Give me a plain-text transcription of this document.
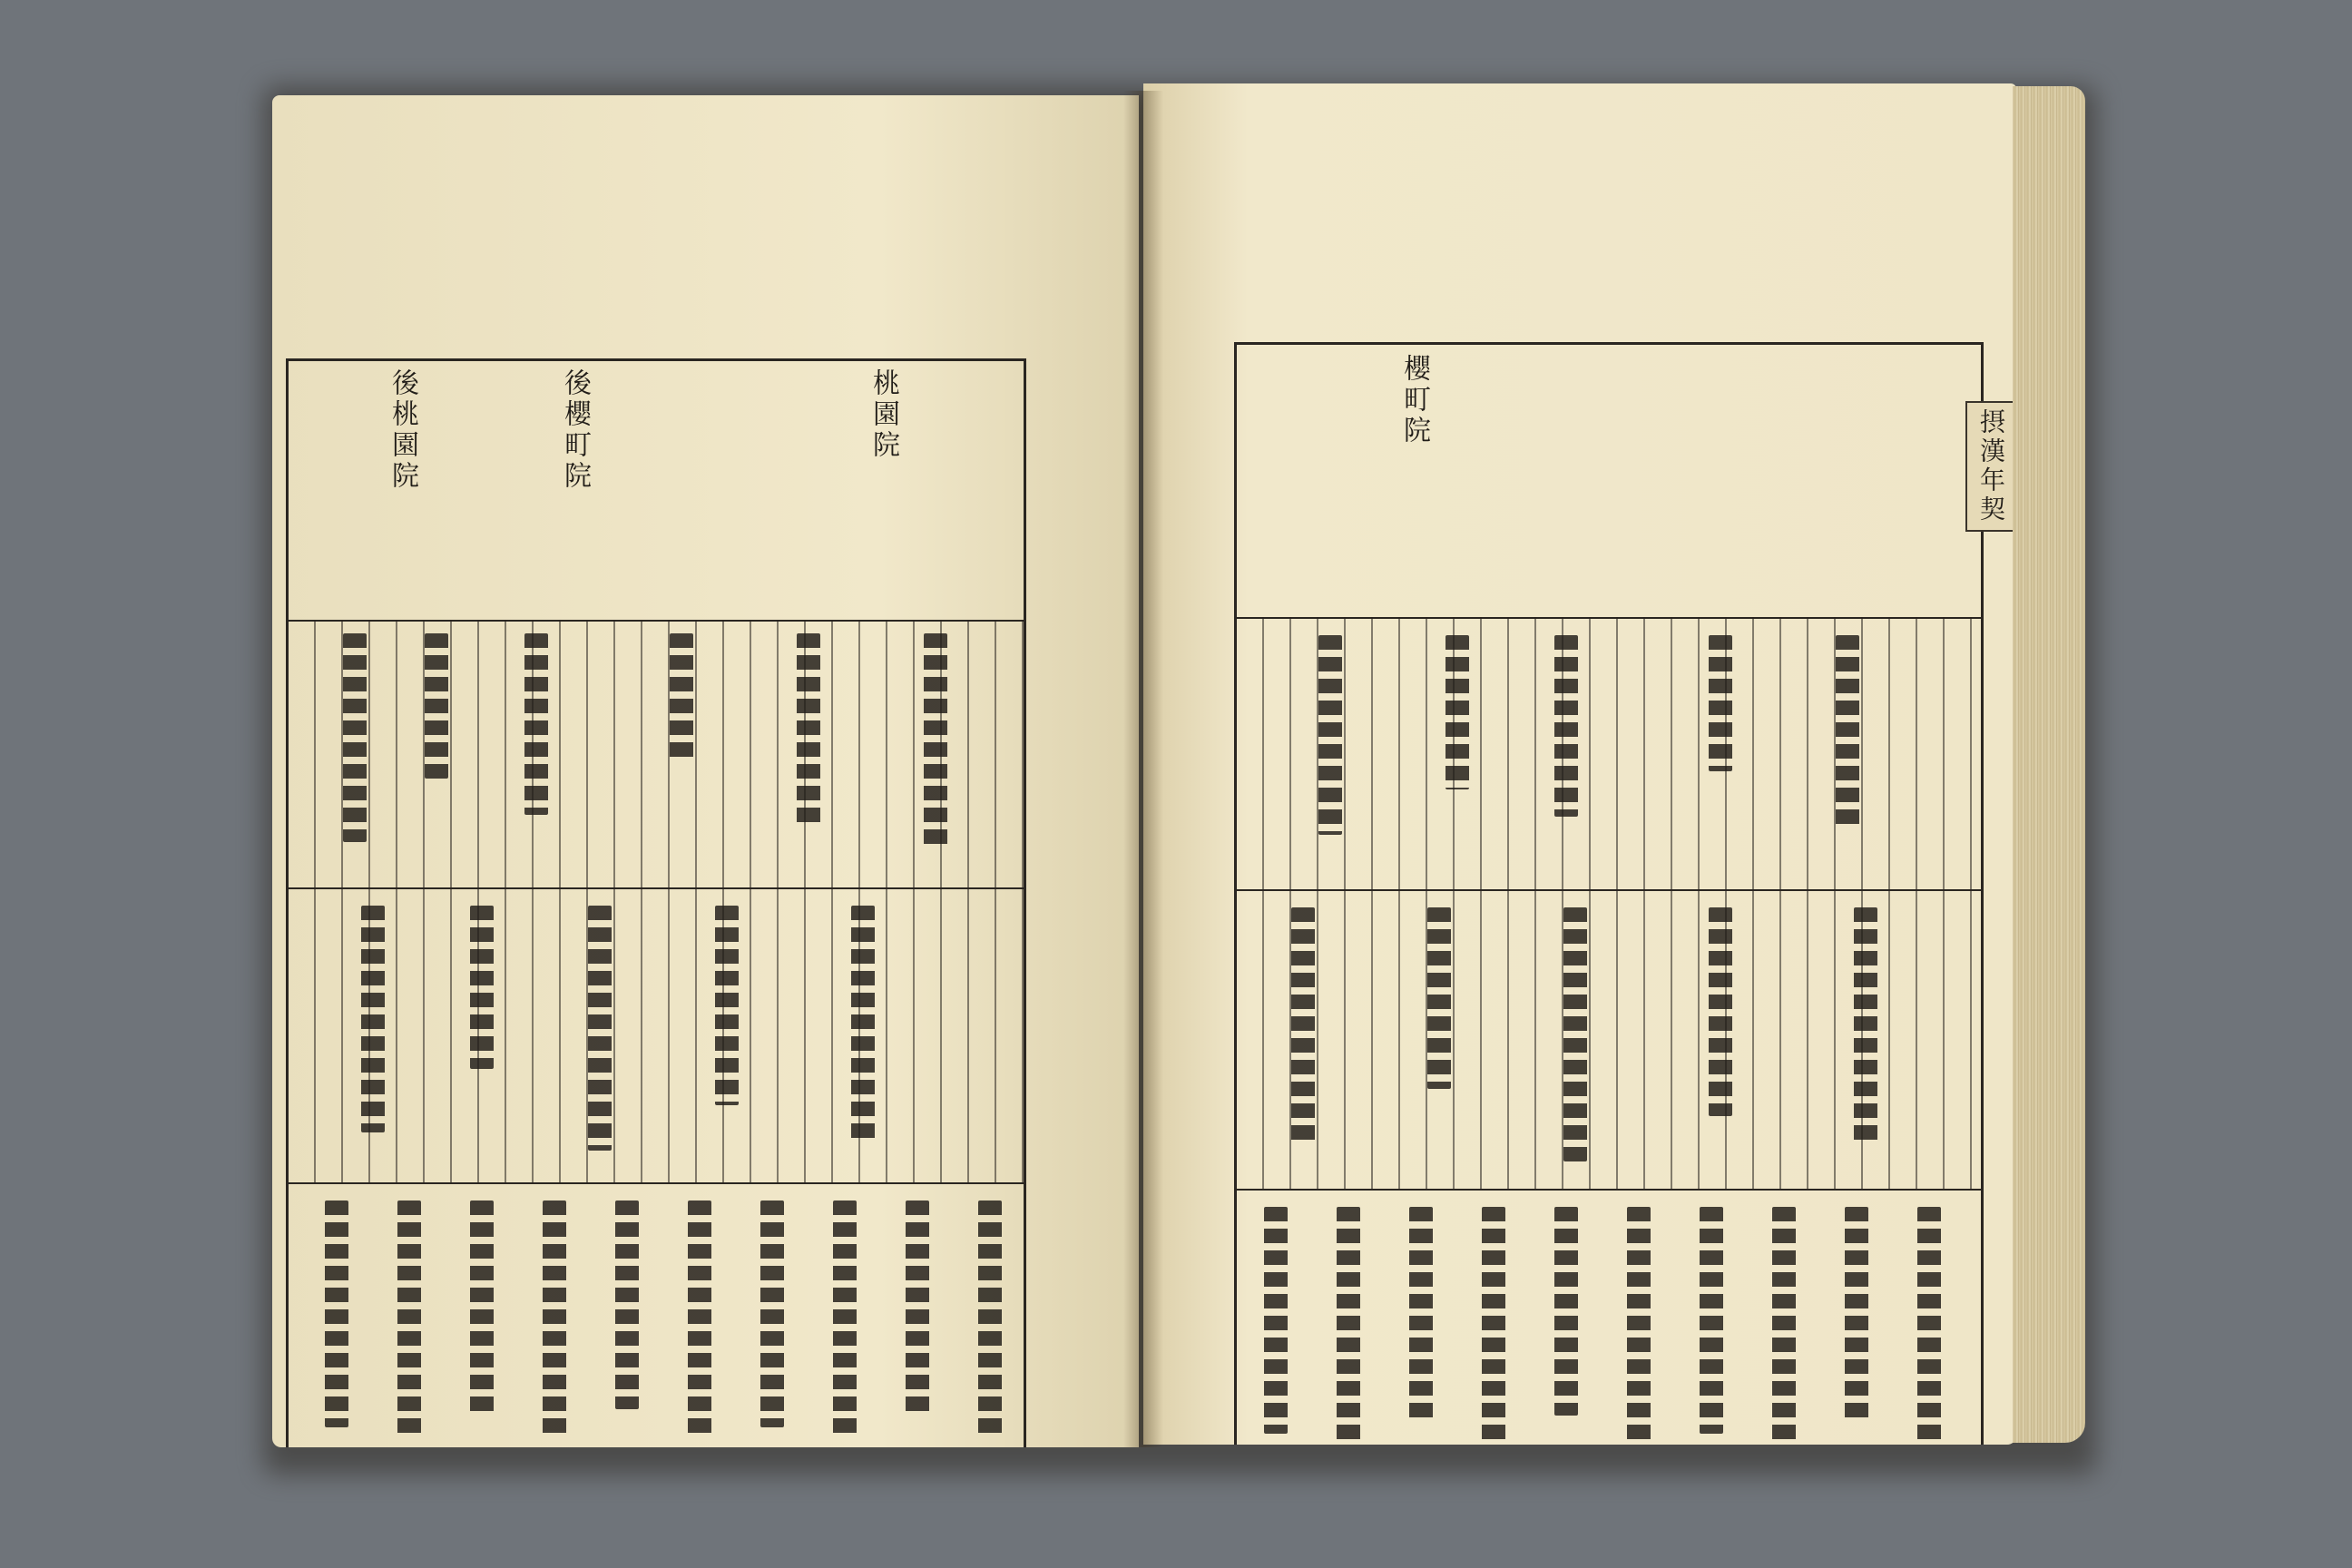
後桃園院	後櫻町院	桃園院	櫻町院
摂漢年契
